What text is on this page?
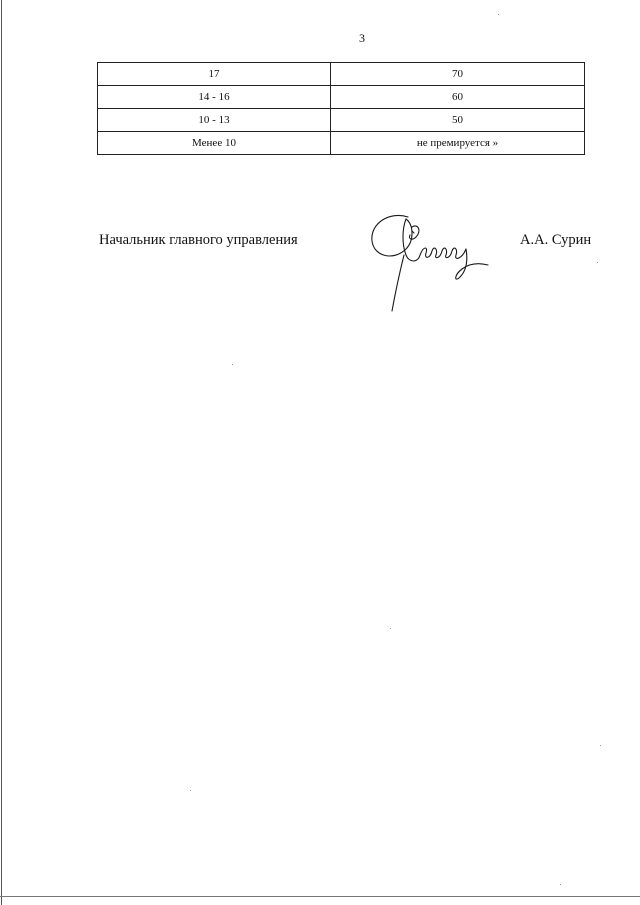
3
17	70
14 - 16	60
10 - 13	50
Менее 10	не премируется »
Начальник главного управления	А.А. Сурин
